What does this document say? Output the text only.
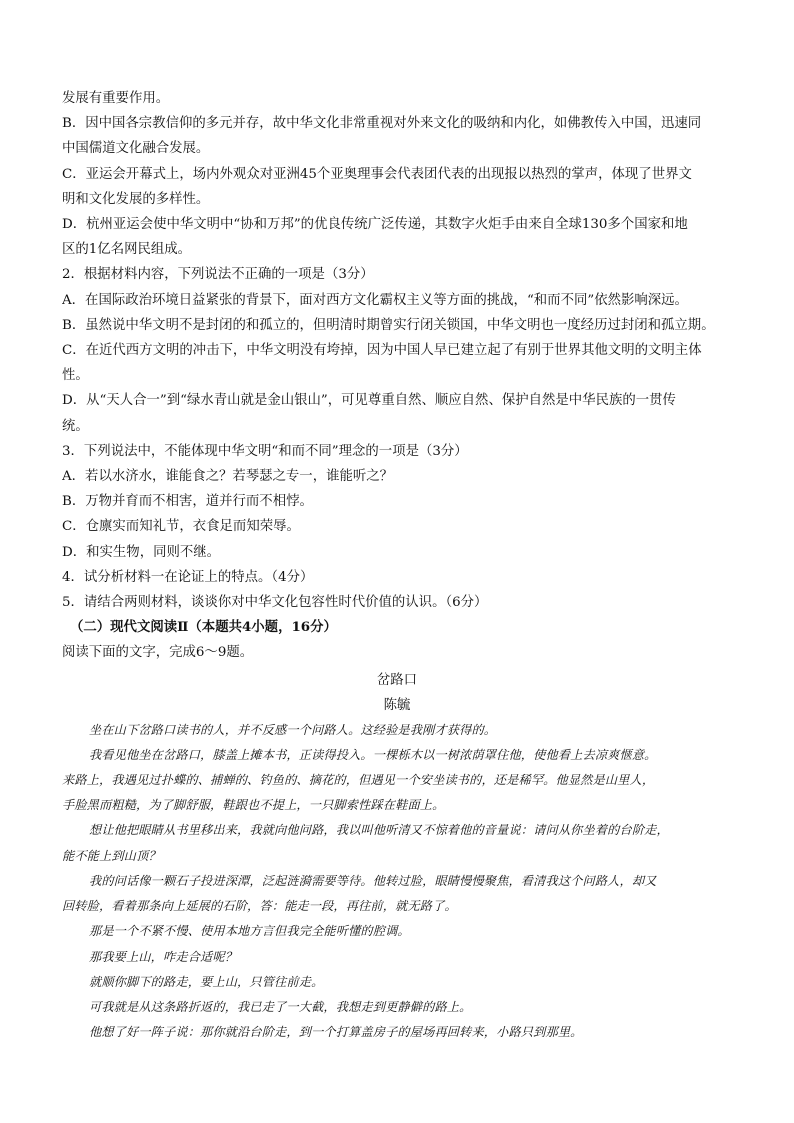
发展有重要作用。
B．因中国各宗教信仰的多元并存，故中华文化非常重视对外来文化的吸纳和内化，如佛教传入中国，迅速同
中国儒道文化融合发展。
C．亚运会开幕式上，场内外观众对亚洲45个亚奥理事会代表团代表的出现报以热烈的掌声，体现了世界文
明和文化发展的多样性。
D．杭州亚运会使中华文明中“协和万邦”的优良传统广泛传递，其数字火炬手由来自全球130多个国家和地
区的1亿名网民组成。
2．根据材料内容，下列说法不正确的一项是（3分）
A．在国际政治环境日益紧张的背景下，面对西方文化霸权主义等方面的挑战，“和而不同”依然影响深远。
B．虽然说中华文明不是封闭的和孤立的，但明清时期曾实行闭关锁国，中华文明也一度经历过封闭和孤立期。
C．在近代西方文明的冲击下，中华文明没有垮掉，因为中国人早已建立起了有别于世界其他文明的文明主体
性。
D．从“天人合一”到“绿水青山就是金山银山”，可见尊重自然、顺应自然、保护自然是中华民族的一贯传
统。
3．下列说法中，不能体现中华文明“和而不同”理念的一项是（3分）
A．若以水济水，谁能食之？若琴瑟之专一，谁能听之？
B．万物并育而不相害，道并行而不相悖。
C．仓廪实而知礼节，衣食足而知荣辱。
D．和实生物，同则不继。
4．试分析材料一在论证上的特点。（4分）
5．请结合两则材料，谈谈你对中华文化包容性时代价值的认识。（6分）
（二）现代文阅读Ⅱ（本题共4小题，16分）
阅读下面的文字，完成6～9题。
岔路口
陈毓
坐在山下岔路口读书的人，并不反感一个问路人。这经验是我刚才获得的。
我看见他坐在岔路口，膝盖上摊本书，正读得投入。一棵栎木以一树浓荫罩住他，使他看上去凉爽惬意。
来路上，我遇见过扑蝶的、捕蝉的、钓鱼的、摘花的，但遇见一个安坐读书的，还是稀罕。他显然是山里人，
手脸黑而粗糙，为了脚舒服，鞋跟也不提上，一只脚索性踩在鞋面上。
想让他把眼睛从书里移出来，我就向他问路，我以叫他听清又不惊着他的音量说：请问从你坐着的台阶走，
能不能上到山顶？
我的问话像一颗石子投进深潭，泛起涟漪需要等待。他转过脸，眼睛慢慢聚焦，看清我这个问路人，却又
回转脸，看着那条向上延展的石阶，答：能走一段，再往前，就无路了。
那是一个不紧不慢、使用本地方言但我完全能听懂的腔调。
那我要上山，咋走合适呢？
就顺你脚下的路走，要上山，只管往前走。
可我就是从这条路折返的，我已走了一大截，我想走到更静僻的路上。
他想了好一阵子说：那你就沿台阶走，到一个打算盖房子的屋场再回转来，小路只到那里。
